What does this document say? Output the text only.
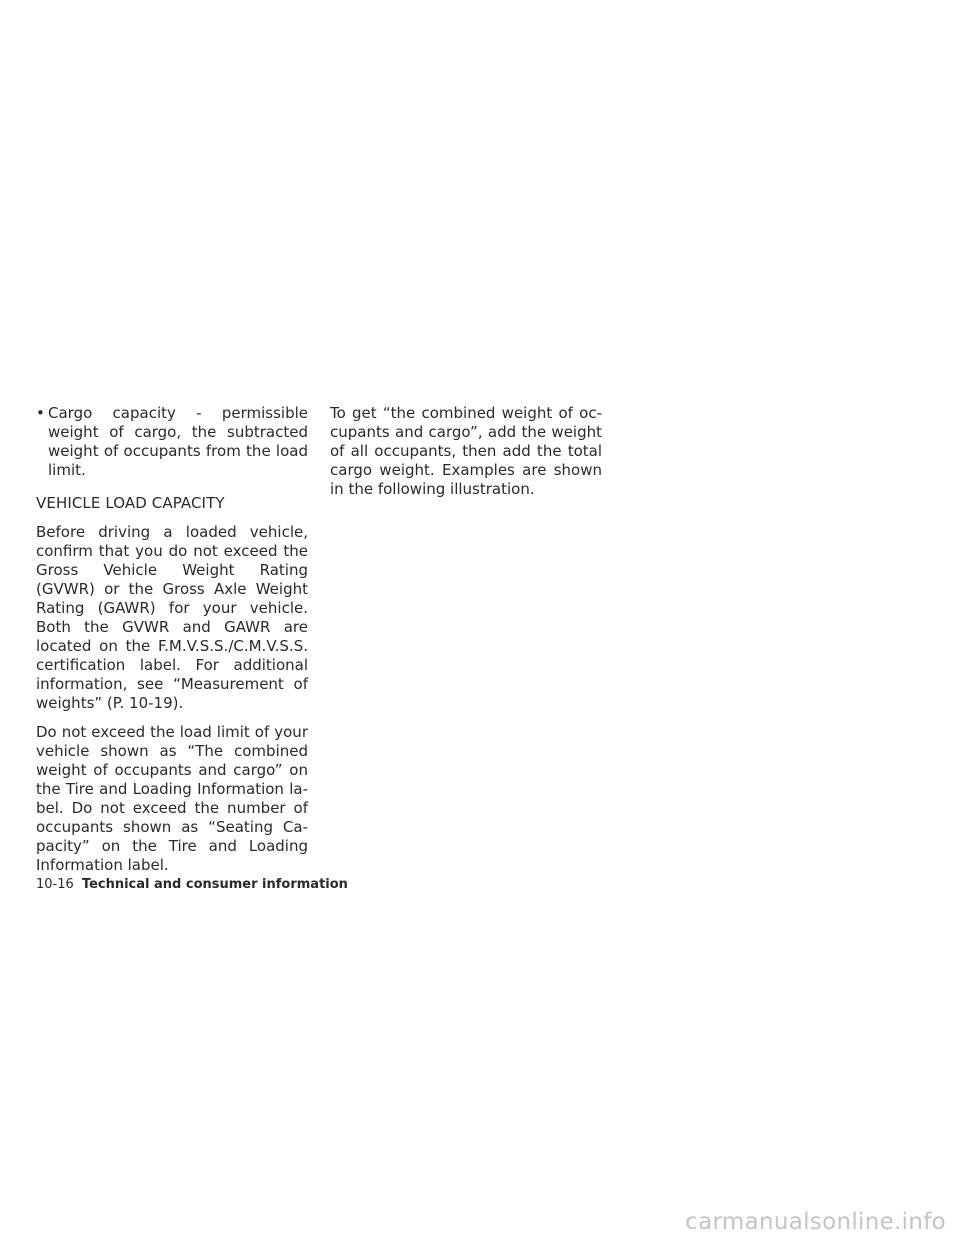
• Cargo capacity - permissible weight of cargo, the subtracted weight of occupants from the load limit.
VEHICLE LOAD CAPACITY

Before driving a loaded vehicle, confirm that you do not exceed the Gross Vehicle Weight Rating (GVWR) or the Gross Axle Weight Rating (GAWR) for your vehicle. Both the GVWR and GAWR are located on the F.M.V.S.S./C.M.V.S.S. certification label. For additional information, see “Measurement of weights” (P. 10-19).

Do not exceed the load limit of your vehicle shown as “The combined weight of occupants and cargo” on the Tire and Loading Information label. Do not exceed the number of occupants shown as “Seating Capacity” on the Tire and Loading Information label.

To get “the combined weight of occupants and cargo”, add the weight of all occupants, then add the total cargo weight. Examples are shown in the following illustration.

10-16 Technical and consumer information
carmanualsonline.info
